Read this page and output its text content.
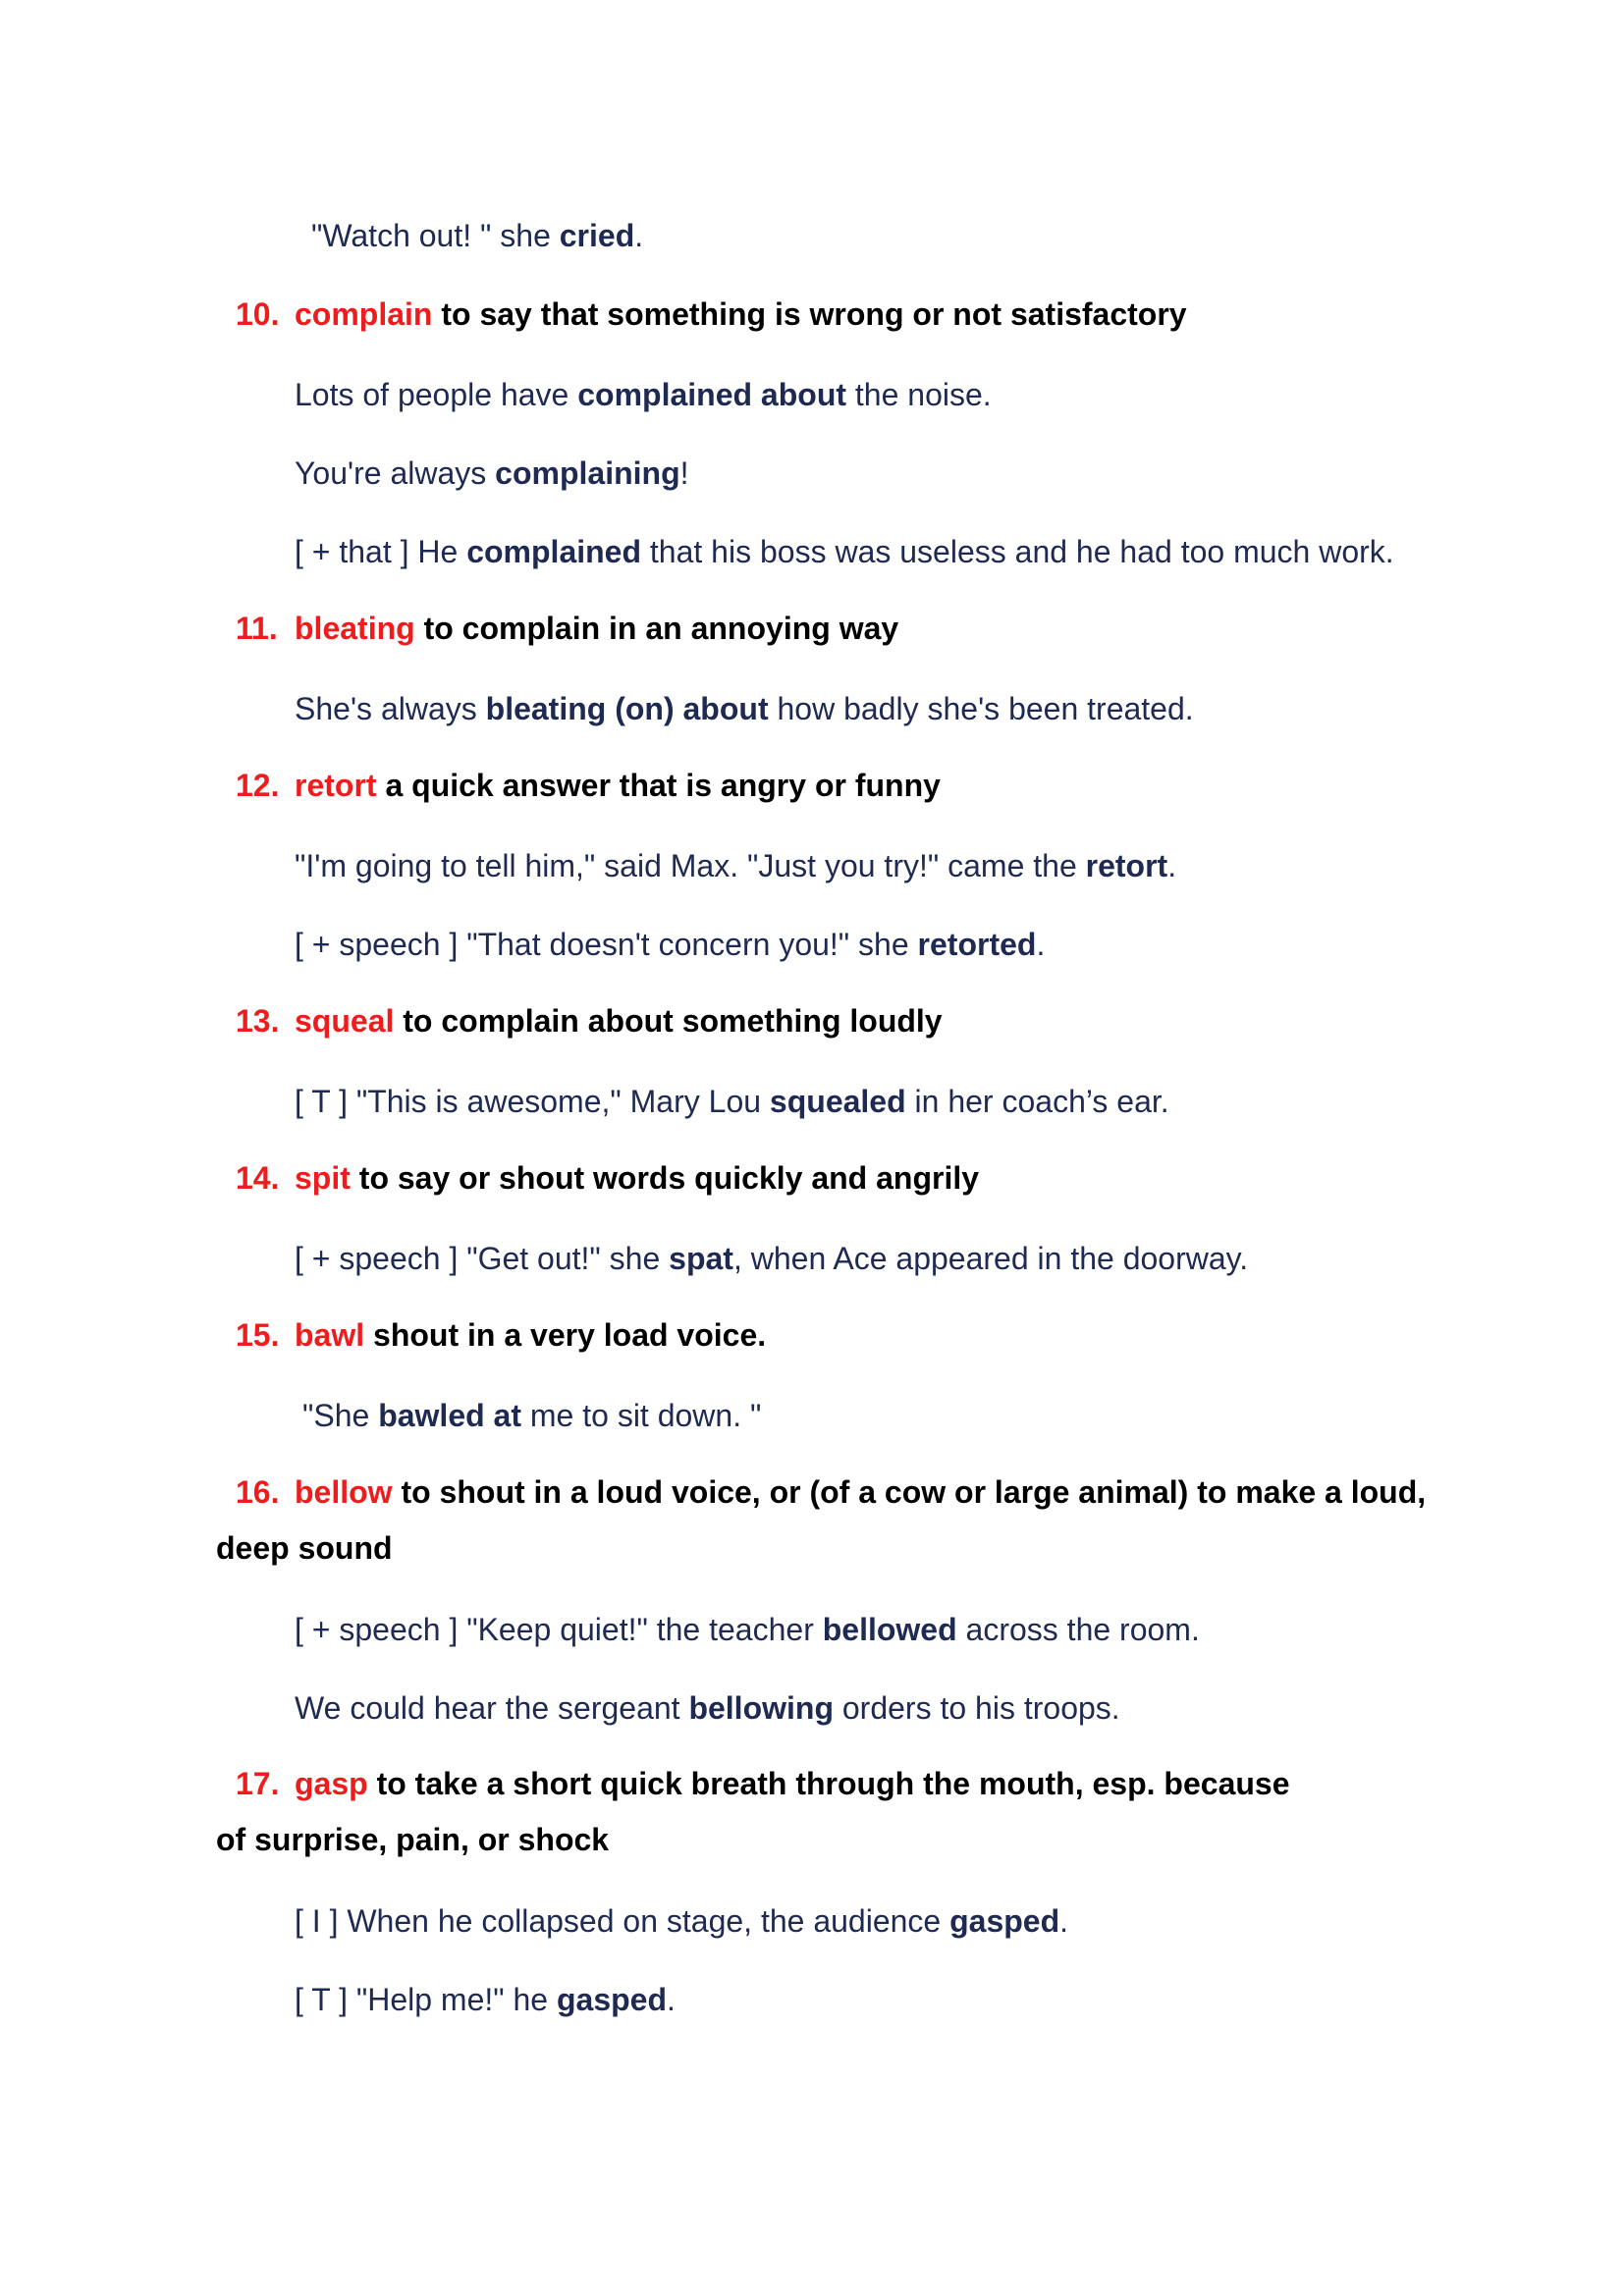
"Watch out! " she cried.
10. complain to say that something is wrong or not satisfactory
Lots of people have complained about the noise.
You're always complaining!
[ + that ] He complained that his boss was useless and he had too much work.
11. bleating to complain in an annoying way
She's always bleating (on) about how badly she's been treated.
12. retort a quick answer that is angry or funny
"I'm going to tell him," said Max. "Just you try!" came the retort.
[ + speech ] "That doesn't concern you!" she retorted.
13. squeal to complain about something loudly
[ T ] "This is awesome," Mary Lou squealed in her coach’s ear.
14. spit to say or shout words quickly and angrily
[ + speech ] "Get out!" she spat, when Ace appeared in the doorway.
15. bawl shout in a very load voice.
"She bawled at me to sit down. "
16. bellow to shout in a loud voice, or (of a cow or large animal) to make a loud,
deep sound
[ + speech ] "Keep quiet!" the teacher bellowed across the room.
We could hear the sergeant bellowing orders to his troops.
17. gasp to take a short quick breath through the mouth, esp. because
of surprise, pain, or shock
[ I ] When he collapsed on stage, the audience gasped.
[ T ] "Help me!" he gasped.
